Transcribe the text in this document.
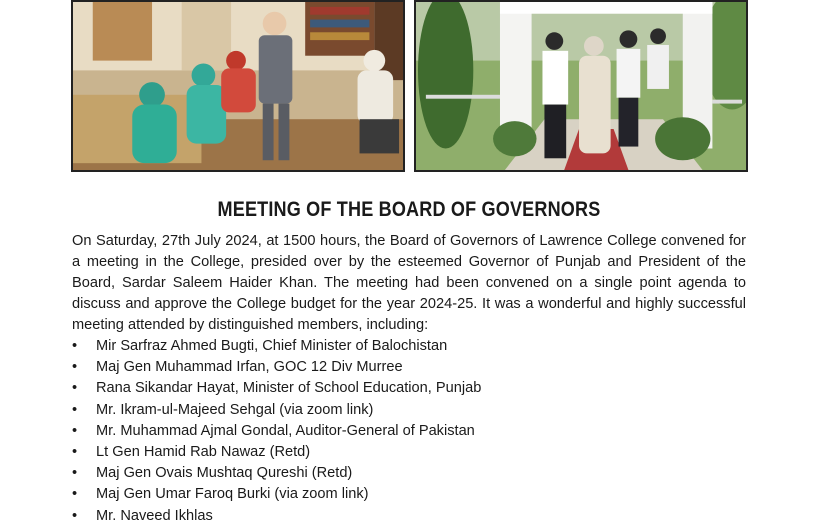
MEETING OF THE BOARD OF GOVERNORS

On Saturday, 27th July 2024, at 1500 hours, the Board of Governors of Lawrence College convened for a meeting in the College, presided over by the esteemed Governor of Punjab and President of the Board, Sardar Saleem Haider Khan. The meeting had been convened on a single point agenda to discuss and approve the College budget for the year 2024-25. It was a wonderful and highly successful meeting attended by distinguished members, including:

• Mir Sarfraz Ahmed Bugti, Chief Minister of Balochistan
• Maj Gen Muhammad Irfan, GOC 12 Div Murree
• Rana Sikandar Hayat, Minister of School Education, Punjab
• Mr. Ikram-ul-Majeed Sehgal (via zoom link)
• Mr. Muhammad Ajmal Gondal, Auditor-General of Pakistan
• Lt Gen Hamid Rab Nawaz (Retd)
• Maj Gen Ovais Mushtaq Qureshi (Retd)
• Maj Gen Umar Faroq Burki (via zoom link)
• Mr. Naveed Ikhlas
